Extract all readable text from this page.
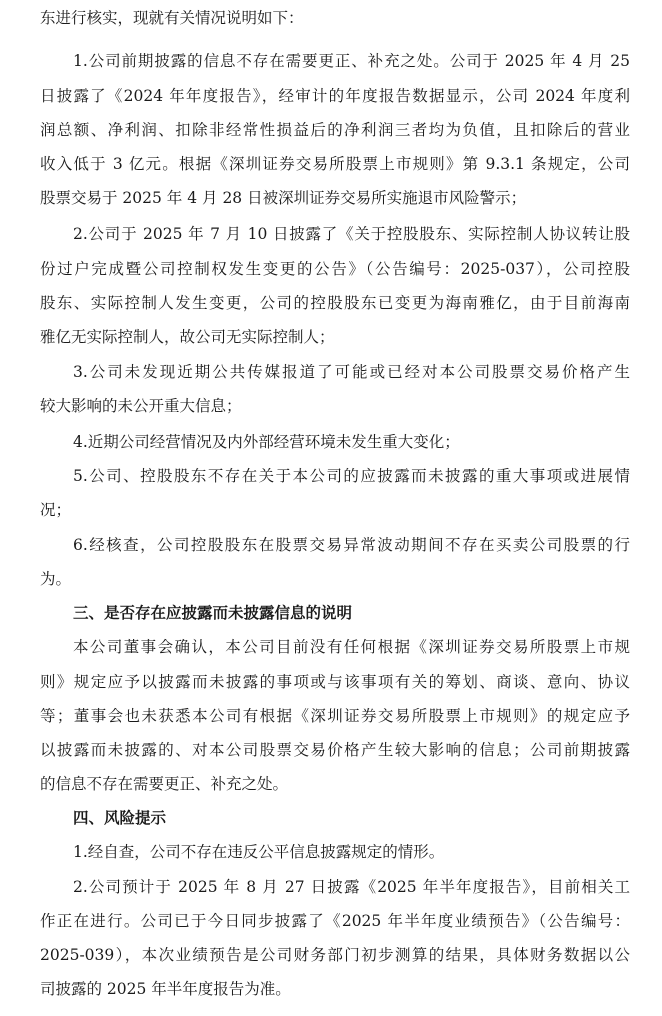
东进行核实，现就有关情况说明如下：
1.公司前期披露的信息不存在需要更正、补充之处。公司于 2025 年 4 月 25
日披露了《2024 年年度报告》，经审计的年度报告数据显示，公司 2024 年度利
润总额、净利润、扣除非经常性损益后的净利润三者均为负值，且扣除后的营业
收入低于 3 亿元。根据《深圳证券交易所股票上市规则》第 9.3.1 条规定，公司
股票交易于 2025 年 4 月 28 日被深圳证券交易所实施退市风险警示；
2.公司于 2025 年 7 月 10 日披露了《关于控股股东、实际控制人协议转让股
份过户完成暨公司控制权发生变更的公告》（公告编号：2025-037），公司控股
股东、实际控制人发生变更，公司的控股股东已变更为海南雅亿，由于目前海南
雅亿无实际控制人，故公司无实际控制人；
3.公司未发现近期公共传媒报道了可能或已经对本公司股票交易价格产生
较大影响的未公开重大信息；
4.近期公司经营情况及内外部经营环境未发生重大变化；
5.公司、控股股东不存在关于本公司的应披露而未披露的重大事项或进展情
况；
6.经核查，公司控股股东在股票交易异常波动期间不存在买卖公司股票的行
为。
三、是否存在应披露而未披露信息的说明
本公司董事会确认，本公司目前没有任何根据《深圳证券交易所股票上市规
则》规定应予以披露而未披露的事项或与该事项有关的筹划、商谈、意向、协议
等；董事会也未获悉本公司有根据《深圳证券交易所股票上市规则》的规定应予
以披露而未披露的、对本公司股票交易价格产生较大影响的信息；公司前期披露
的信息不存在需要更正、补充之处。
四、风险提示
1.经自查，公司不存在违反公平信息披露规定的情形。
2.公司预计于 2025 年 8 月 27 日披露《2025 年半年度报告》，目前相关工
作正在进行。公司已于今日同步披露了《2025 年半年度业绩预告》（公告编号：
2025-039），本次业绩预告是公司财务部门初步测算的结果，具体财务数据以公
司披露的 2025 年半年度报告为准。
